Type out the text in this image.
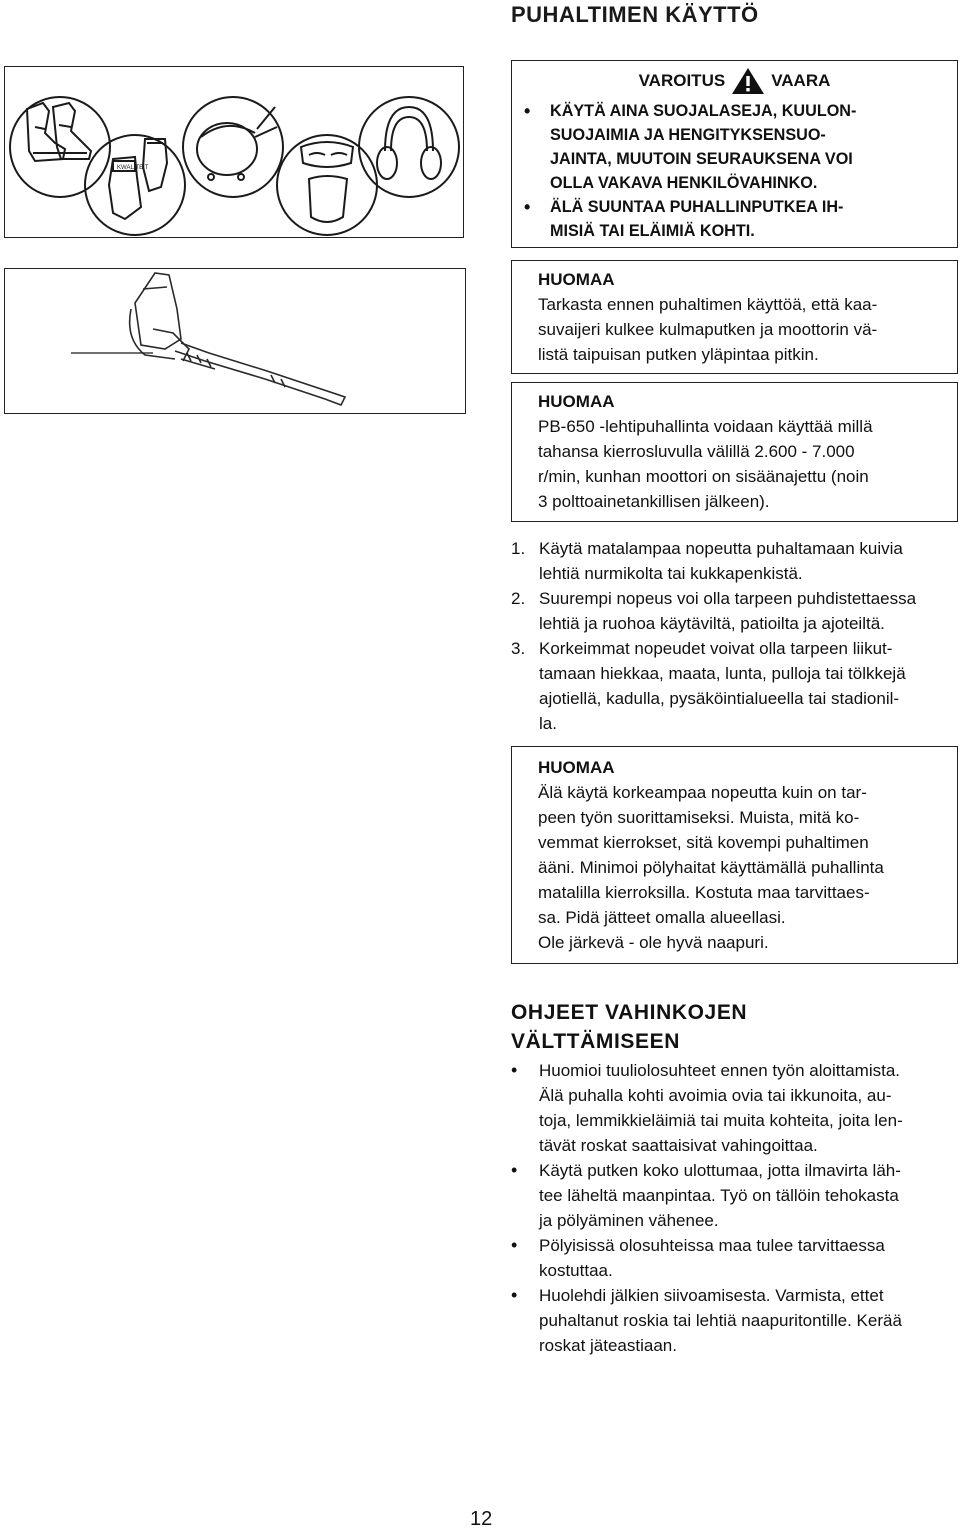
PUHALTIMEN KÄYTTÖ
KWALITEIT
VAROITUS	VAARA
• KÄYTÄ AINA SUOJALASEJA, KUULON-
SUOJAIMIA JA HENGITYKSENSUO-
JAINTA, MUUTOIN SEURAUKSENA VOI
OLLA VAKAVA HENKILÖVAHINKO.
• ÄLÄ SUUNTAA PUHALLINPUTKEA IH-
MISIÄ TAI ELÄIMIÄ KOHTI.

HUOMAA

Tarkasta ennen puhaltimen käyttöä, että kaa-
suvaijeri kulkee kulmaputken ja moottorin vä-
listä taipuisan putken yläpintaa pitkin.

HUOMAA

PB-650 -lehtipuhallinta voidaan käyttää millä
tahansa kierrosluvulla välillä 2.600 - 7.000
r/min, kunhan moottori on sisäänajettu (noin
3 polttoainetankillisen jälkeen).

1. Käytä matalampaa nopeutta puhaltamaan kuivia
lehtiä nurmikolta tai kukkapenkistä.
2. Suurempi nopeus voi olla tarpeen puhdistettaessa
lehtiä ja ruohoa käytäviltä, patioilta ja ajoteiltä.
3. Korkeimmat nopeudet voivat olla tarpeen liikut-
tamaan hiekkaa, maata, lunta, pulloja tai tölkkejä
ajotiellä, kadulla, pysäköintialueella tai stadionil-
la.

HUOMAA

Älä käytä korkeampaa nopeutta kuin on tar-
peen työn suorittamiseksi. Muista, mitä ko-
vemmat kierrokset, sitä kovempi puhaltimen
ääni. Minimoi pölyhaitat käyttämällä puhallinta
matalilla kierroksilla. Kostuta maa tarvittaes-
sa. Pidä jätteet omalla alueellasi.
Ole järkevä - ole hyvä naapuri.

OHJEET VAHINKOJEN

VÄLTTÄMISEEN

• Huomioi tuuliolosuhteet ennen työn aloittamista.
Älä puhalla kohti avoimia ovia tai ikkunoita, au-
toja, lemmikkieläimiä tai muita kohteita, joita len-
tävät roskat saattaisivat vahingoittaa.
• Käytä putken koko ulottumaa, jotta ilmavirta läh-
tee läheltä maanpintaa. Työ on tällöin tehokasta
ja pölyäminen vähenee.
• Pölyisissä olosuhteissa maa tulee tarvittaessa
kostuttaa.
• Huolehdi jälkien siivoamisesta. Varmista, ettet
puhaltanut roskia tai lehtiä naapuritontille. Kerää
roskat jäteastiaan.
12
